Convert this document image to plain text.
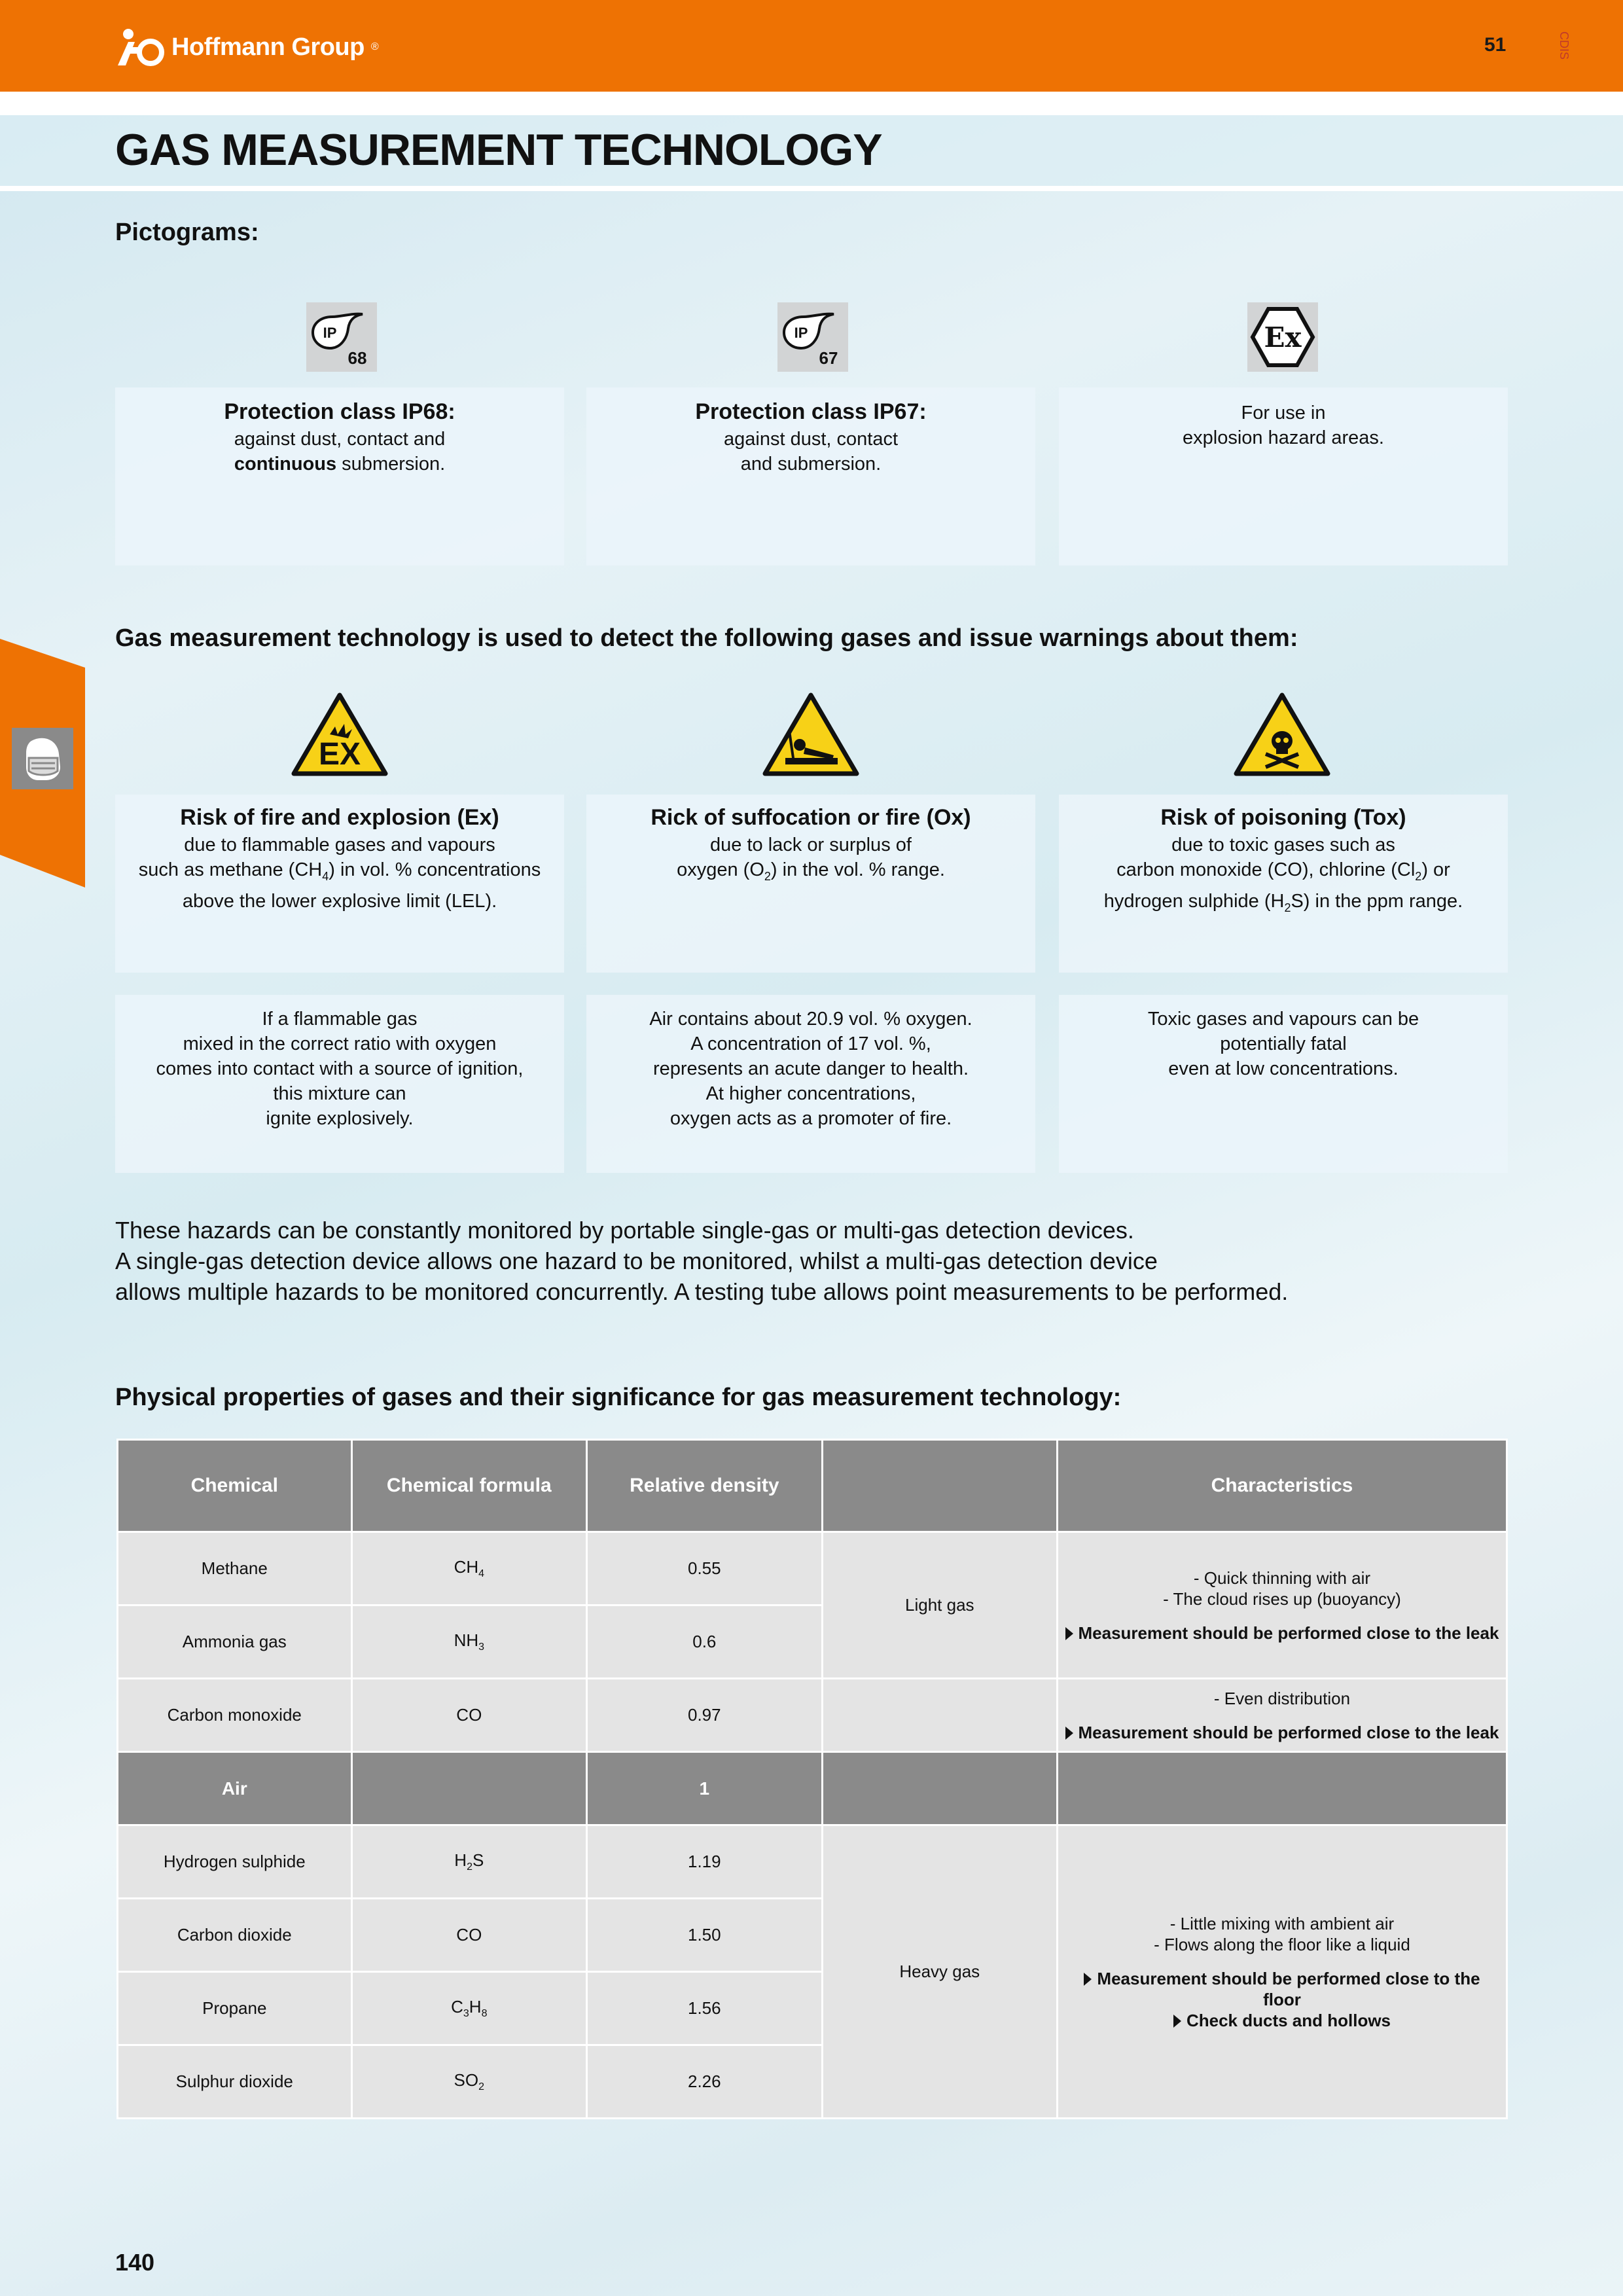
Hoffmann Group ®	51	CDIS
GAS MEASUREMENT TECHNOLOGY
Pictograms:
IP
68
IP
67
Ex
Protection class IP68:
against dust, contact and
continuous submersion.
Protection class IP67:
against dust, contact
and submersion.
For use in
explosion hazard areas.
Gas measurement technology is used to detect the following gases and issue warnings about them:
EX
Risk of fire and explosion (Ex)
due to flammable gases and vapours
such as methane $(CH_4)$ in vol. % concentrations
above the lower explosive limit (LEL).
Rick of suffocation or fire (Ox)
due to lack or surplus of
oxygen $(O_2)$ in the vol. % range.
Risk of poisoning (Tox)
due to toxic gases such as
carbon monoxide (CO), chlorine $(Cl_2)$ or
hydrogen sulphide $(H_2S)$ in the ppm range.
If a flammable gas
mixed in the correct ratio with oxygen
comes into contact with a source of ignition,
this mixture can
ignite explosively.
Air contains about 20.9 vol. % oxygen.
A concentration of 17 vol. %,
represents an acute danger to health.
At higher concentrations,
oxygen acts as a promoter of fire.
Toxic gases and vapours can be
potentially fatal
even at low concentrations.
These hazards can be constantly monitored by portable single-gas or multi-gas detection devices.
A single-gas detection device allows one hazard to be monitored, whilst a multi-gas detection device
allows multiple hazards to be monitored concurrently. A testing tube allows point measurements to be performed.
Physical properties of gases and their significance for gas measurement technology:
Chemical	Chemical formula	Relative density		Characteristics
Methane	$CH_4$	0.55	Light gas	- Quick thinning with air
- The cloud rises up (buoyancy)
Measurement should be performed close to the leak

Ammonia gas	$NH_3$	0.6		
Carbon monoxide	CO	0.97		- Even distribution
Measurement should be performed close to the leak

Air		1		
Hydrogen sulphide	$H_2S$	1.19	Heavy gas	- Little mixing with ambient air
- Flows along the floor like a liquid
Measurement should be performed close to the floor
Check ducts and hollows

Carbon dioxide	CO	1.50		
Propane	$C_3H_8$	1.56		
Sulphur dioxide	$SO_2$	2.26		
140
